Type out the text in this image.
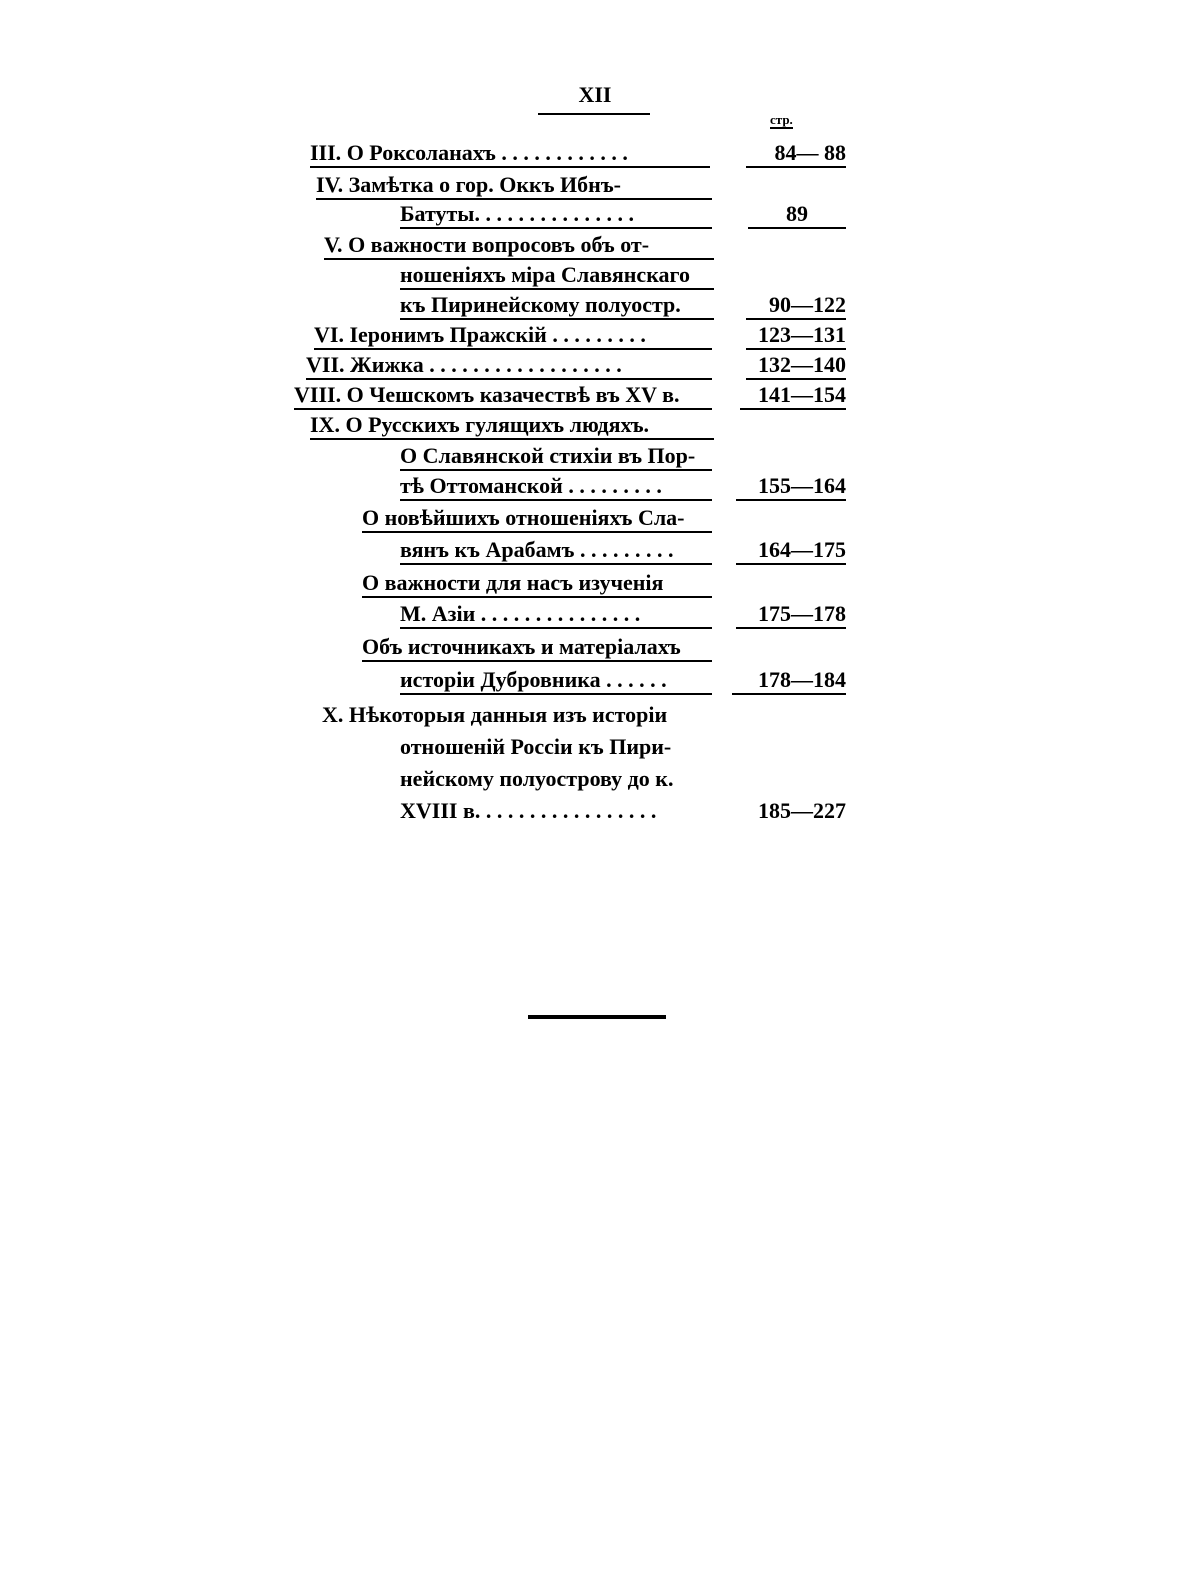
XII
стр.
III. О Роксоланахъ . . . . . . . . . . . .	84— 88
IV. Замѣтка о гор. Оккъ Ибнъ-
Батуты. . . . . . . . . . . . . . .	89
V. О важности вопросовъ объ от-
ношеніяхъ міра Славянскаго
къ Пиринейскому полуостр.	90—122
VI. Іеронимъ Пражскій . . . . . . . . .	123—131
VII. Жижка . . . . . . . . . . . . . . . . . .	132—140
VIII. О Чешскомъ казачествѣ въ XV в.	141—154
IX. О Русскихъ гулящихъ людяхъ.
О Славянской стихіи въ Пор-
тѣ Оттоманской . . . . . . . . .	155—164
О новѣйшихъ отношеніяхъ Сла-
вянъ къ Арабамъ . . . . . . . . .	164—175
О важности для насъ изученія
М. Азіи . . . . . . . . . . . . . . .	175—178
Объ источникахъ и матеріалахъ
исторіи Дубровника . . . . . .	178—184
X. Нѣкоторыя данныя изъ исторіи
отношеній Россіи къ Пири-
нейскому полуострову до к.
XVIII в. . . . . . . . . . . . . . . . .	185—227
